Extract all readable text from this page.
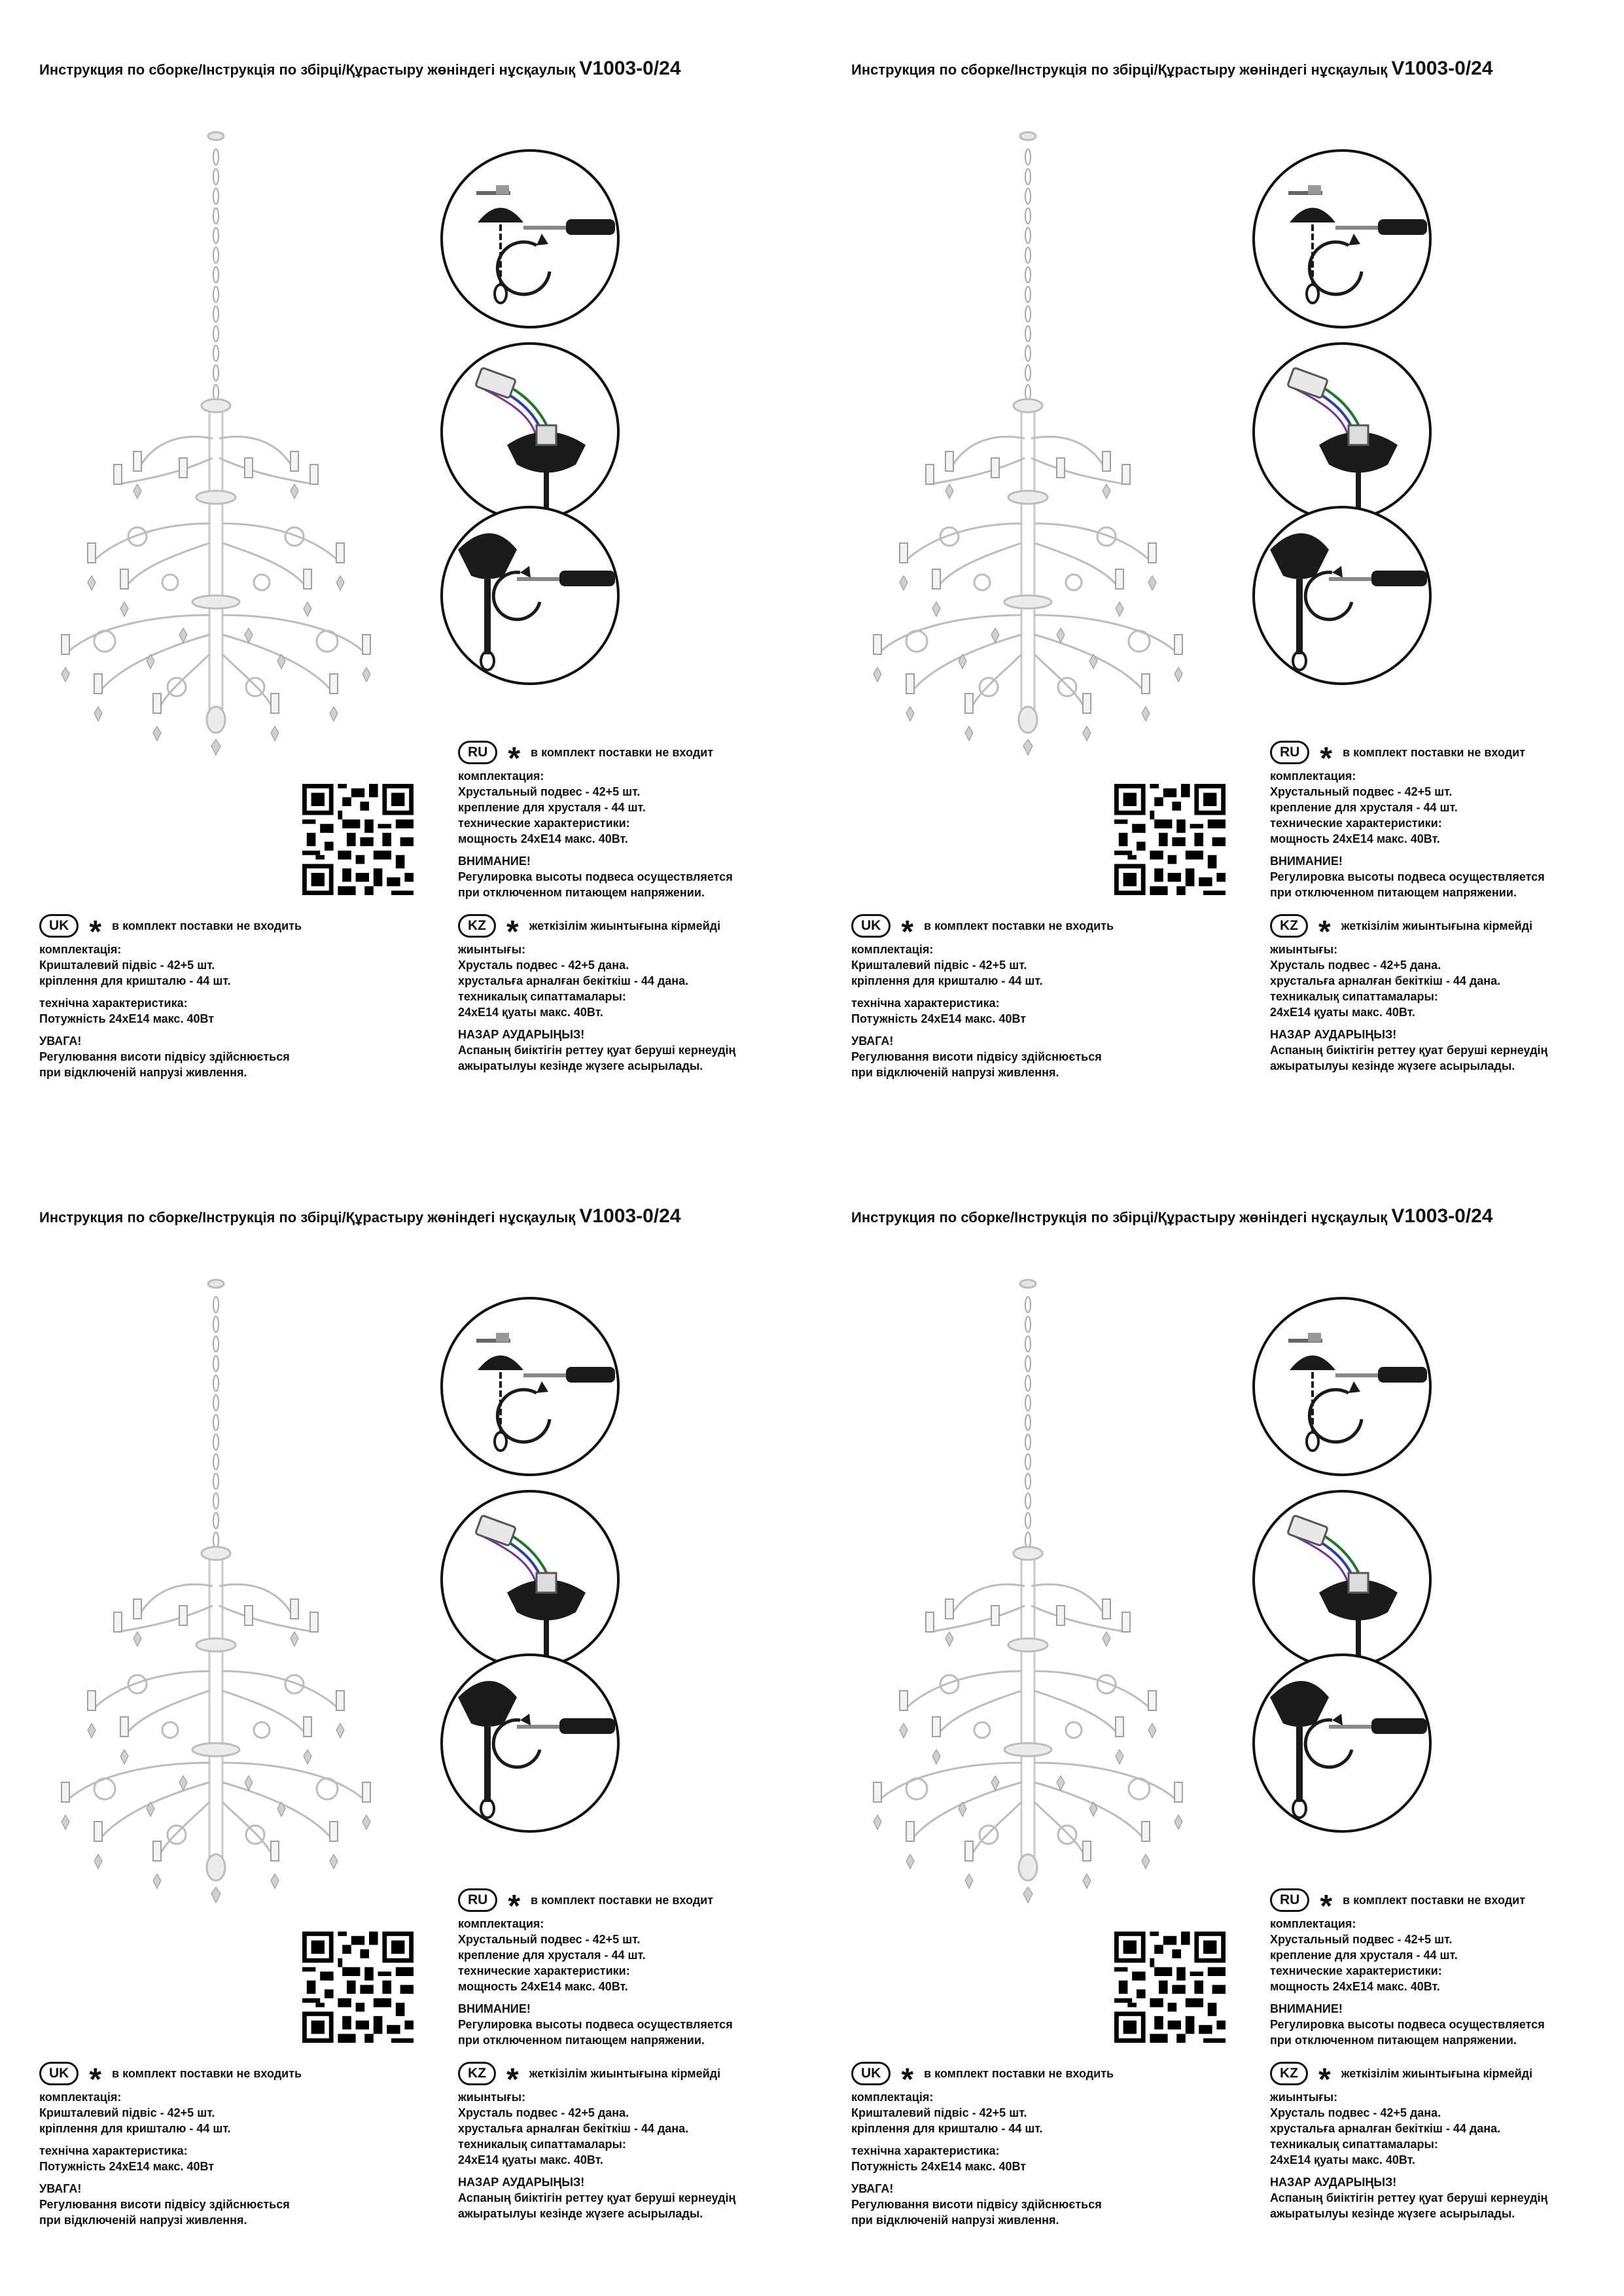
Инструкция по сборке/Інструкція по збірці/Құрастыру жөніндегі нұсқаулық V1003-0/24
RU * в комплект поставки не входит
комплектация:
Хрустальный подвес - 42+5 шт.
крепление для хрусталя - 44 шт.
технические характеристики:
мощность 24хЕ14 макс. 40Вт.
ВНИМАНИЕ!
Регулировка высоты подвеса осуществляется
при отключенном питающем напряжении.
UK * в комплект поставки не входить
комплектація:
Кришталевий підвіс - 42+5 шт.
кріплення для кришталю - 44 шт.
технічна характеристика:
Потужність 24хЕ14 макс. 40Вт
УВАГА!
Регулювання висоти підвісу здійснюється
при відключеній напрузі живлення.
KZ * жеткізілім жиынтығына кірмейді
жиынтығы:
Хрусталь подвес - 42+5 дана.
хрустальға арналған бекіткіш - 44 дана.
техникалық сипаттамалары:
24хЕ14 қуаты макс. 40Вт.
НАЗАР АУДАРЫҢЫЗ!
Аспаның биіктігін реттеу қуат беруші кернеудің
ажыратылуы кезінде жүзеге асырылады.
Инструкция по сборке/Інструкція по збірці/Құрастыру жөніндегі нұсқаулық V1003-0/24
RU * в комплект поставки не входит
комплектация:
Хрустальный подвес - 42+5 шт.
крепление для хрусталя - 44 шт.
технические характеристики:
мощность 24хЕ14 макс. 40Вт.
ВНИМАНИЕ!
Регулировка высоты подвеса осуществляется
при отключенном питающем напряжении.
UK * в комплект поставки не входить
комплектація:
Кришталевий підвіс - 42+5 шт.
кріплення для кришталю - 44 шт.
технічна характеристика:
Потужність 24хЕ14 макс. 40Вт
УВАГА!
Регулювання висоти підвісу здійснюється
при відключеній напрузі живлення.
KZ * жеткізілім жиынтығына кірмейді
жиынтығы:
Хрусталь подвес - 42+5 дана.
хрустальға арналған бекіткіш - 44 дана.
техникалық сипаттамалары:
24хЕ14 қуаты макс. 40Вт.
НАЗАР АУДАРЫҢЫЗ!
Аспаның биіктігін реттеу қуат беруші кернеудің
ажыратылуы кезінде жүзеге асырылады.
Инструкция по сборке/Інструкція по збірці/Құрастыру жөніндегі нұсқаулық V1003-0/24
RU * в комплект поставки не входит
комплектация:
Хрустальный подвес - 42+5 шт.
крепление для хрусталя - 44 шт.
технические характеристики:
мощность 24хЕ14 макс. 40Вт.
ВНИМАНИЕ!
Регулировка высоты подвеса осуществляется
при отключенном питающем напряжении.
UK * в комплект поставки не входить
комплектація:
Кришталевий підвіс - 42+5 шт.
кріплення для кришталю - 44 шт.
технічна характеристика:
Потужність 24хЕ14 макс. 40Вт
УВАГА!
Регулювання висоти підвісу здійснюється
при відключеній напрузі живлення.
KZ * жеткізілім жиынтығына кірмейді
жиынтығы:
Хрусталь подвес - 42+5 дана.
хрустальға арналған бекіткіш - 44 дана.
техникалық сипаттамалары:
24хЕ14 қуаты макс. 40Вт.
НАЗАР АУДАРЫҢЫЗ!
Аспаның биіктігін реттеу қуат беруші кернеудің
ажыратылуы кезінде жүзеге асырылады.
Инструкция по сборке/Інструкція по збірці/Құрастыру жөніндегі нұсқаулық V1003-0/24
RU * в комплект поставки не входит
комплектация:
Хрустальный подвес - 42+5 шт.
крепление для хрусталя - 44 шт.
технические характеристики:
мощность 24хЕ14 макс. 40Вт.
ВНИМАНИЕ!
Регулировка высоты подвеса осуществляется
при отключенном питающем напряжении.
UK * в комплект поставки не входить
комплектація:
Кришталевий підвіс - 42+5 шт.
кріплення для кришталю - 44 шт.
технічна характеристика:
Потужність 24хЕ14 макс. 40Вт
УВАГА!
Регулювання висоти підвісу здійснюється
при відключеній напрузі живлення.
KZ * жеткізілім жиынтығына кірмейді
жиынтығы:
Хрусталь подвес - 42+5 дана.
хрустальға арналған бекіткіш - 44 дана.
техникалық сипаттамалары:
24хЕ14 қуаты макс. 40Вт.
НАЗАР АУДАРЫҢЫЗ!
Аспаның биіктігін реттеу қуат беруші кернеудің
ажыратылуы кезінде жүзеге асырылады.
